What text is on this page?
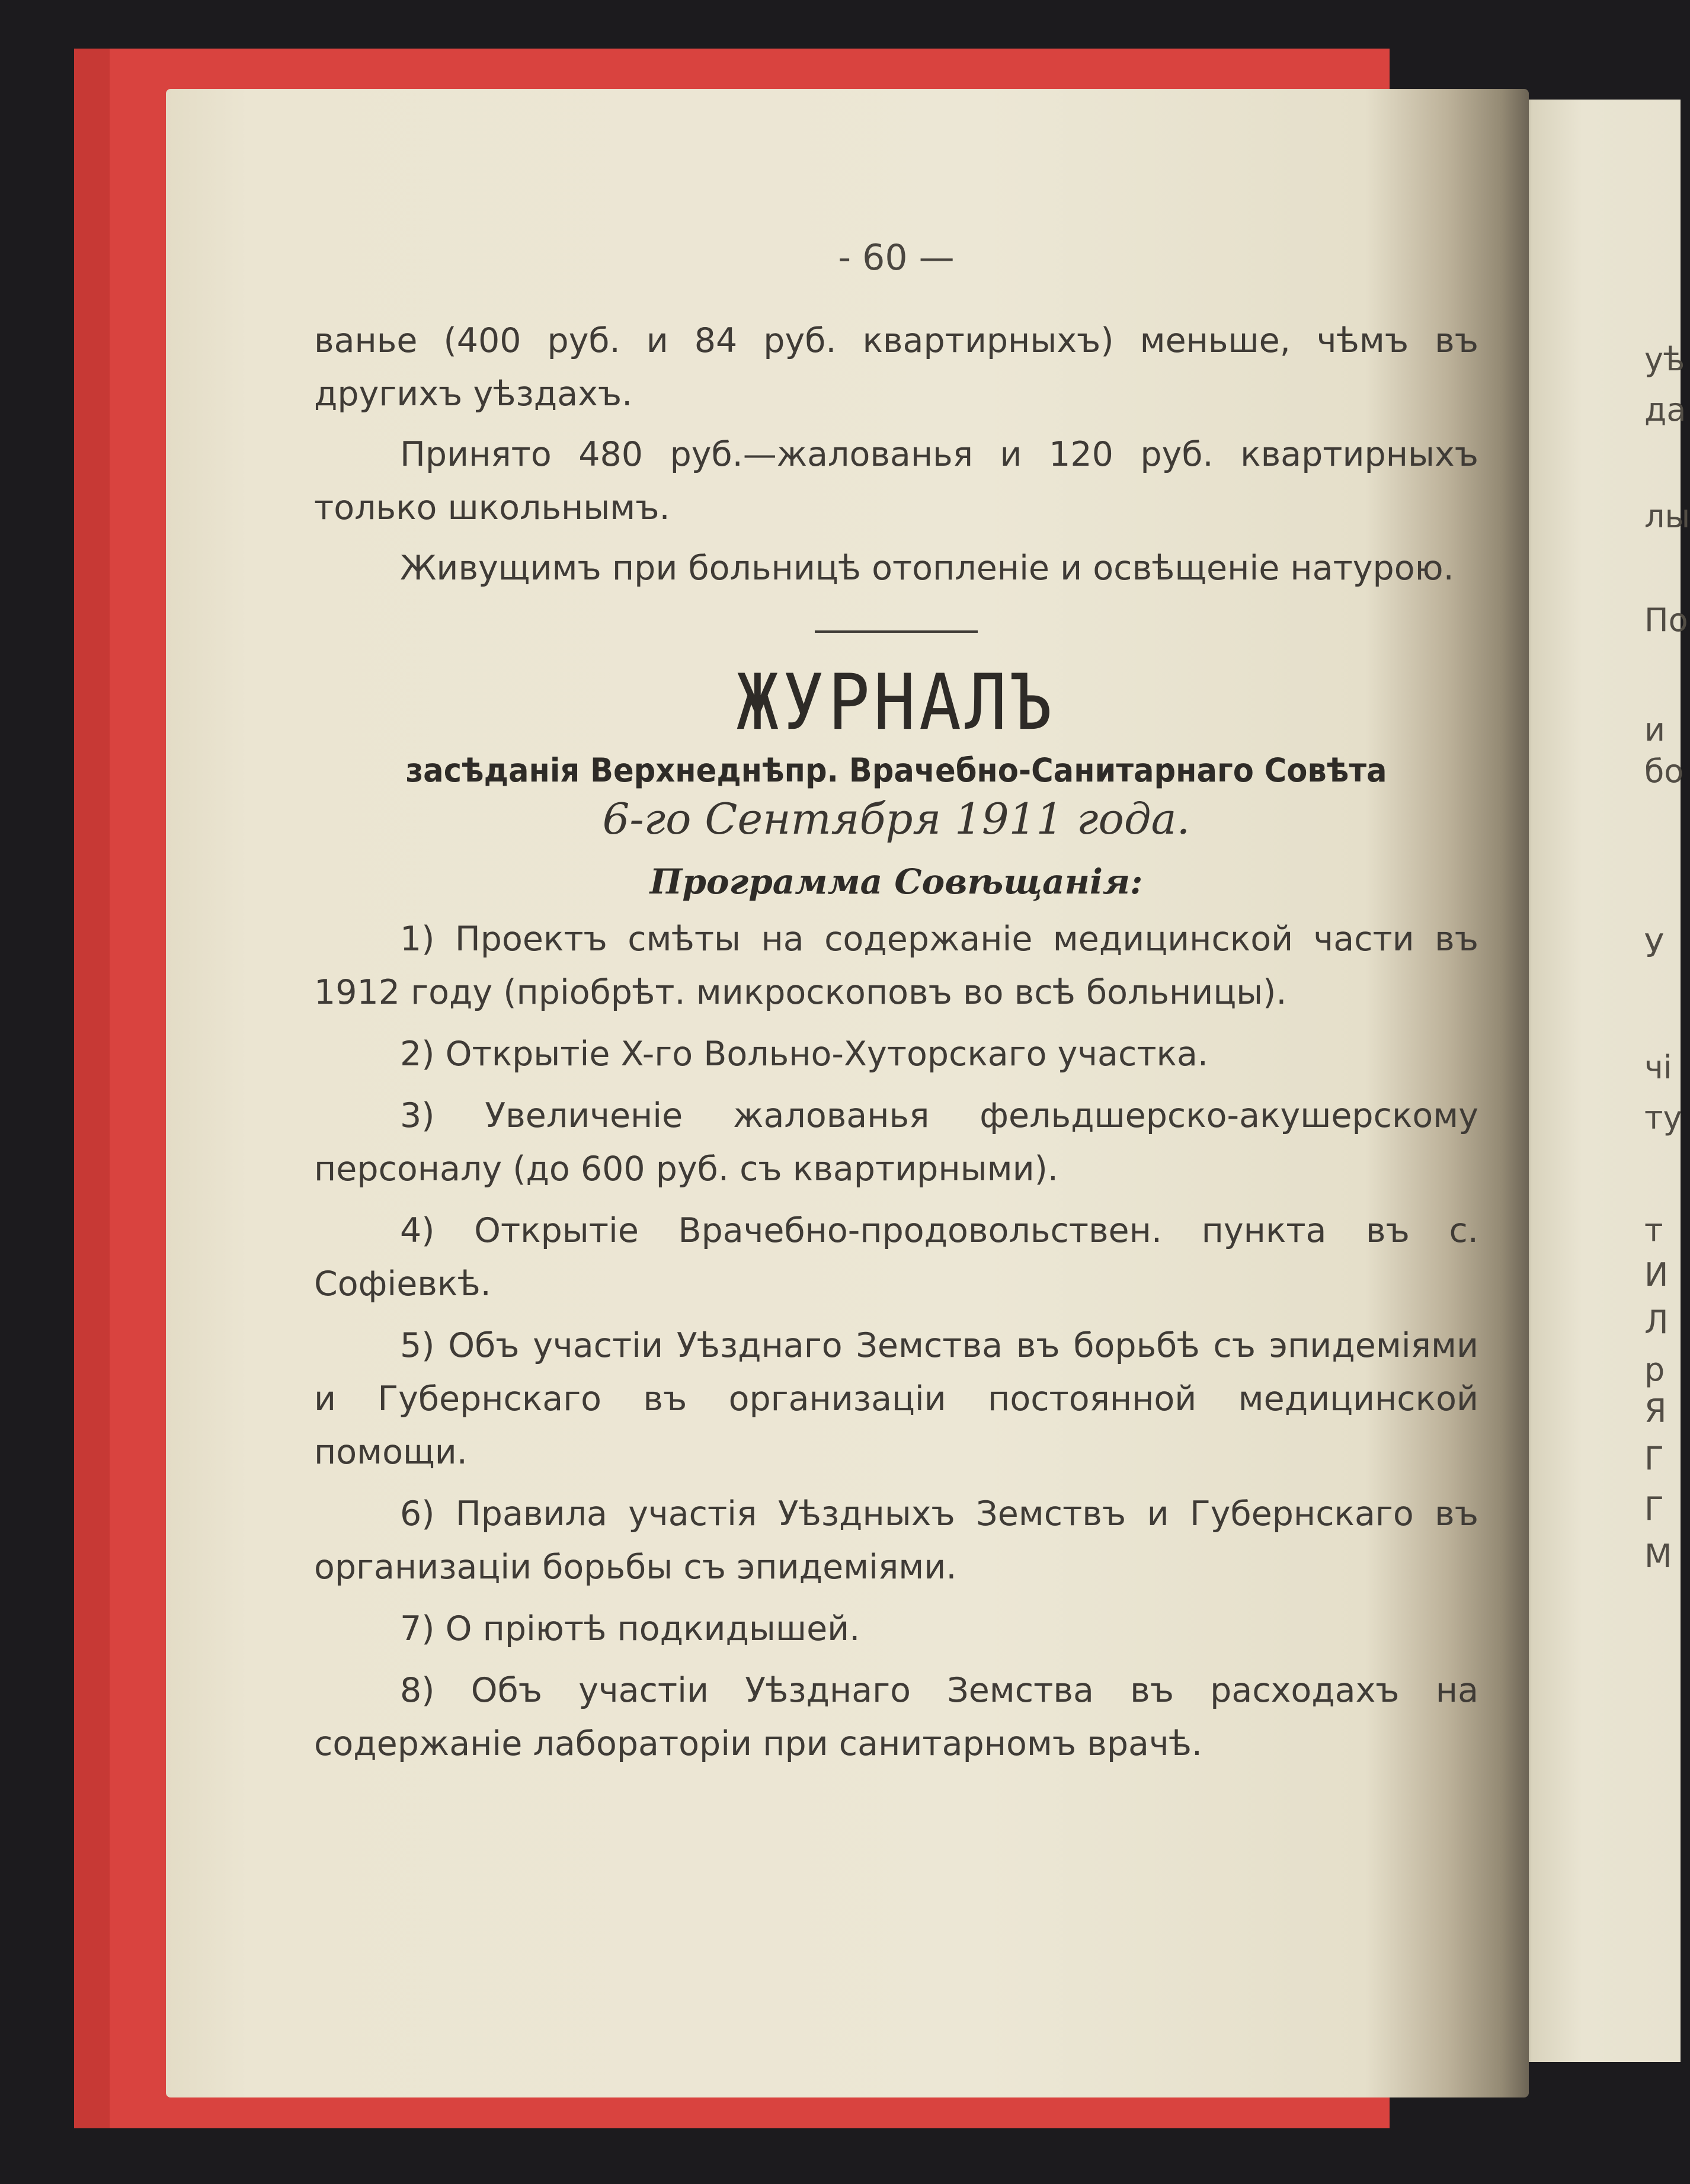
уѣ
да
лы
По
и
бо
У
чі
ту
т
И
Л
р
Я
Г
Г
М
- 60 —

ванье (400 руб. и 84 руб. квартирныхъ) меньше, чѣмъ въ другихъ уѣздахъ.

Принято 480 руб.—жалованья и 120 руб. квартирныхъ только школьнымъ.

Живущимъ при больницѣ отопленіе и освѣщеніе натурою.

ЖУРНАЛЪ
засѣданія Верхнеднѣпр. Врачебно-Санитарнаго Совѣта
6-го Сентября 1911 года.
Программа Совѣщанія:

1) Проектъ смѣты на содержаніе медицинской части въ 1912 году (пріобрѣт. микроскоповъ во всѣ больницы).

2) Открытіе X-го Вольно-Хуторскаго участка.

3) Увеличеніе жалованья фельдшерско-акушерскому персоналу (до 600 руб. съ квартирными).

4) Открытіе Врачебно-продовольствен. пункта въ с. Софіевкѣ.

5) Объ участіи Уѣзднаго Земства въ борьбѣ съ эпидеміями и Губернскаго въ организаціи постоянной медицинской помощи.

6) Правила участія Уѣздныхъ Земствъ и Губернскаго въ организаціи борьбы съ эпидеміями.

7) О пріютѣ подкидышей.

8) Объ участіи Уѣзднаго Земства въ расходахъ на содержаніе лабораторіи при санитарномъ врачѣ.
